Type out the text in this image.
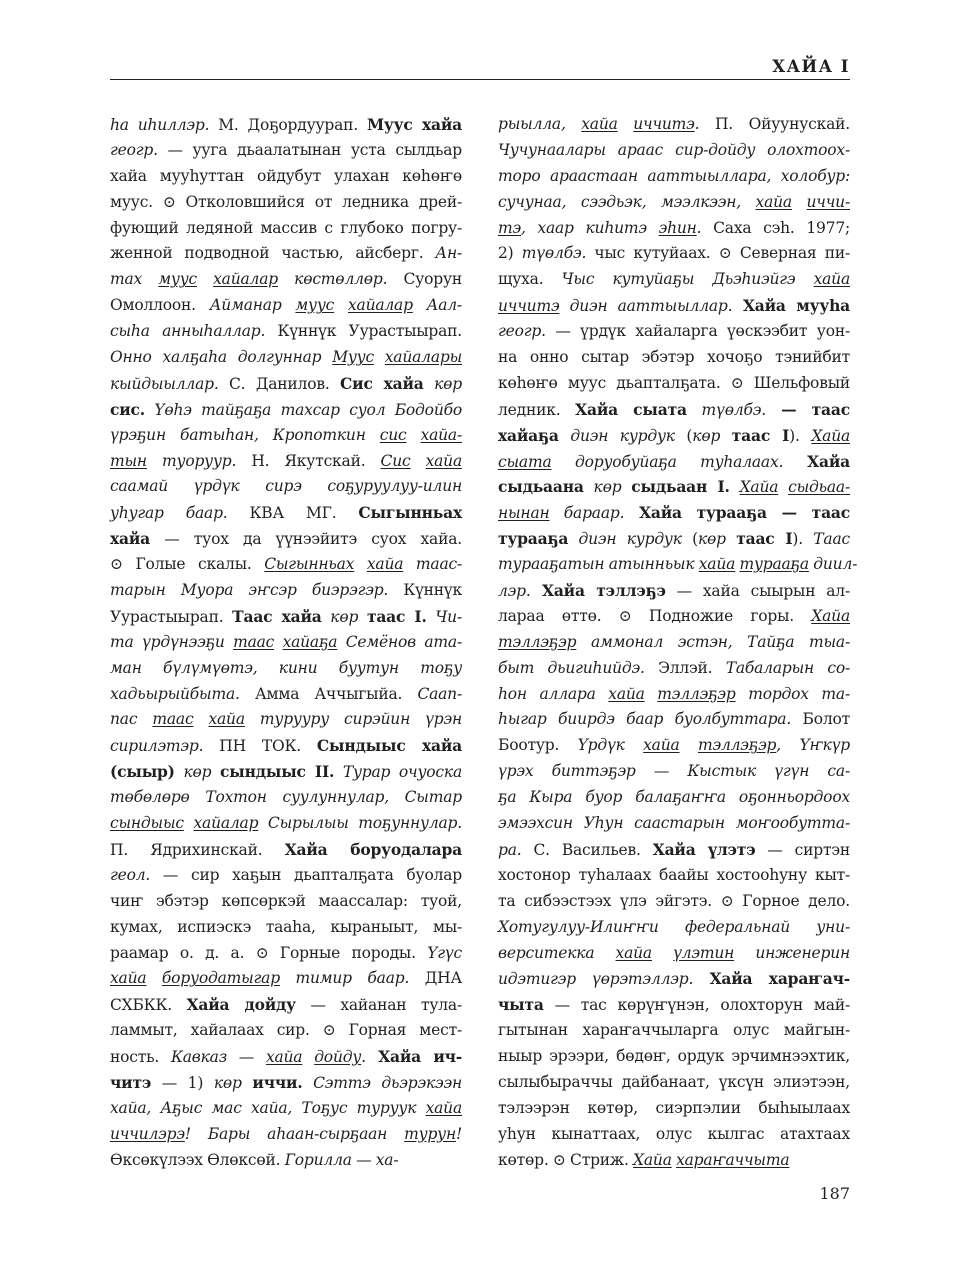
ХАЙА I
һа иһиллэр. М. Доҕордуурап. Муус хайа
геогр. — ууга дьаалатынан уста сылдьар
хайа мууһуттан ойдубут улахан көһөҥө
муус. ⊙ Отколовшийся от ледника дрей-
фующий ледяной массив с глубоко погру-
женной подводной частью, айсберг. Ан-
тах муус хайалар көстөллөр. Суорун
Омоллоон. Айманар муус хайалар Аал-
сыһа анныһаллар. Күннүк Уурастыырап.
Онно халҕаһа долгуннар Муус хайалары
кыйдыыллар. С. Данилов. Сис хайа көр
сис. Үөһэ тайҕаҕа тахсар суол Бодойбо
үрэҕин батыһан, Кропоткин сис хайа-
тын туоруур. Н. Якутскай. Сис хайа
саамай үрдүк сирэ соҕуруулуу-илин
уһугар баар. КВА МГ. Сыгынньах
хайа — туох да үүнээйитэ суох хайа.
⊙ Голые скалы. Сыгынньах хайа таас-
тарын Муора эҥсэр биэрэгэр. Күннүк
Уурастыырап. Таас хайа көр таас I. Чи-
та үрдүнээҕи таас хайаҕа Семёнов ата-
ман бүлүмүөтэ, кини буутун тоҕу
хадьырыйбыта. Амма Аччыгыйа. Саап-
пас таас хайа турууру сирэйин үрэн
сирилэтэр. ПН ТОК. Сындыыс хайа
(сыыр) көр сындыыс II. Турар очуоска
төбөлөрө Тохтон суулуннулар, Сытар
сындыыс хайалар Сырылыы тоҕуннулар.
П. Ядрихинскай. Хайа боруодалара
геол. — сир хаҕын дьапталҕата буолар
чиҥ эбэтэр көпсөркэй маассалар: туой,
кумах, испиэскэ тааһа, кыраныыт, мы-
раамар о. д. а. ⊙ Горные породы. Үгүс
хайа боруодатыгар тимир баар. ДНА
СХБКК. Хайа дойду — хайанан тула-
ламмыт, хайалаах сир. ⊙ Горная мест-
ность. Кавказ — хайа дойду. Хайа ич-
читэ — 1) көр иччи. Сэттэ дьэрэкээн
хайа, Аҕыс мас хайа, Тоҕус туруук хайа
иччилэрэ! Бары аһаан-сырҕаан турун!
Өксөкүлээх Өлөксөй. Горилла — ха-
рыылла, хайа иччитэ. П. Ойуунускай.
Чучунаалары араас сир-дойду олохтоох-
торо араастаан ааттыыллара, холобур:
сучунаа, сээдьэк, мээлкээн, хайа иччи-
тэ, хаар киһитэ эһин. Саха сэһ. 1977;
2) түөлбэ. чыс кутуйаах. ⊙ Северная пи-
щуха. Чыс кутуйаҕы Дьэһиэйгэ хайа
иччитэ диэн ааттыыллар. Хайа мууһа
геогр. — үрдүк хайаларга үөскээбит уон-
на онно сытар эбэтэр хочоҕо тэнийбит
көһөҥө муус дьапталҕата. ⊙ Шельфовый
ледник. Хайа сыата түөлбэ. — таас
хайаҕа диэн курдук (көр таас I). Хайа
сыата доруобуйаҕа туһалаах. Хайа
сыдьаана көр сыдьаан I. Хайа сыдьаа-
нынан бараар. Хайа тураaҕа — таас
тураaҕа диэн курдук (көр таас I). Таас
тураaҕатын атынньык хайа тураaҕа диил-
лэр. Хайа тэллэҕэ — хайа сыырын ал-
лараа өттө. ⊙ Подножие горы. Хайа
тэллэҕэр аммонал эстэн, Тайҕа тыа-
быт дьигиһийдэ. Эллэй. Табаларын со-
һон аллара хайа тэллэҕэр тордох та-
һыгар биирдэ баар буолбуттара. Болот
Боотур. Үрдүк хайа тэллэҕэр, Үҥкүр
үрэх биттэҕэр — Кыстык үгүн са-
ҕа Кыра буор балаҕаҥҥа оҕонньордоох
эмээхсин Уһун саастарын моҥообутта-
ра. С. Васильев. Хайа үлэтэ — сиртэн
хостонор туһалаах баайы хостооһуну кыт-
та сибээстээх үлэ эйгэтэ. ⊙ Горное дело.
Хотугулуу-Илиҥҥи федеральнай уни-
верситеккa хайа үлэтин инженерин
идэтигэр үөрэтэллэр. Хайа хараҥач-
чыта — тас көрүҥүнэн, олохторун май-
гытынан хараҥаччыларга олус майгын-
ныыр эрээри, бөдөҥ, ордук эрчимнээхтик,
сылыбыраччы дайбанаат, үксүн элиэтээн,
тэлээрэн көтөр, сиэрпэлии быһыылаах
уһун кынаттаах, олус кылгас атахтаах
көтөр. ⊙ Стриж. Хайа хараҥаччыта
187
